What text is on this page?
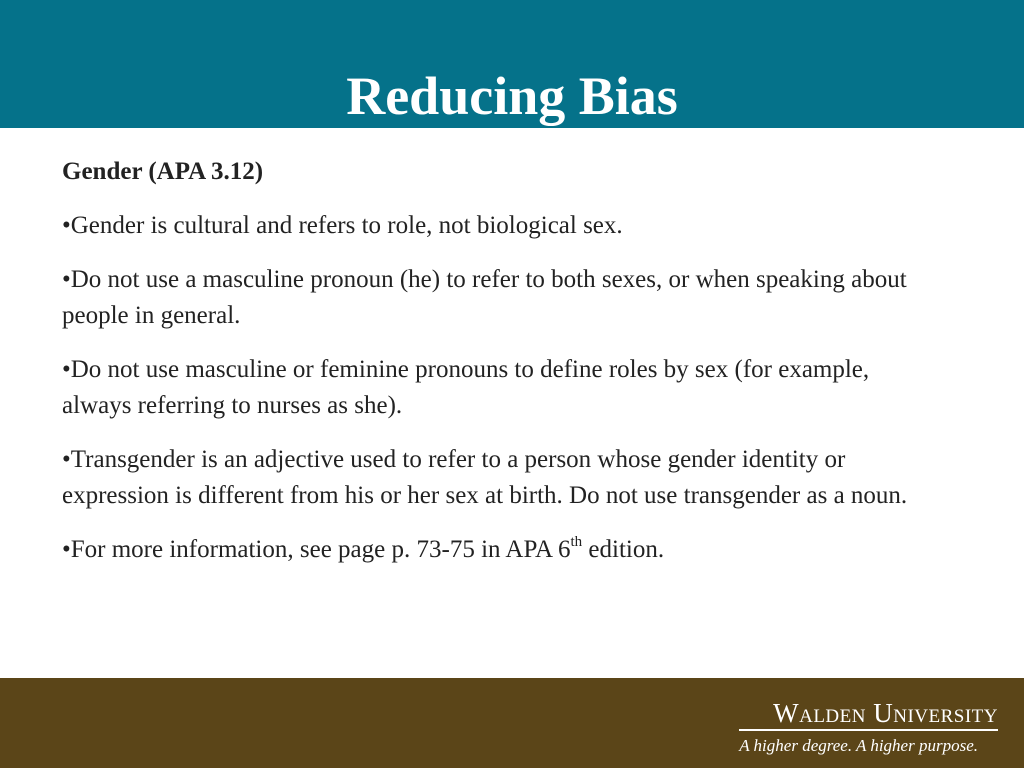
Reducing Bias

Gender (APA 3.12)

•Gender is cultural and refers to role, not biological sex.

•Do not use a masculine pronoun (he) to refer to both sexes, or when speaking about people in general.

•Do not use masculine or feminine pronouns to define roles by sex (for example, always referring to nurses as she).

•Transgender is an adjective used to refer to a person whose gender identity or expression is different from his or her sex at birth. Do not use transgender as a noun.

•For more information, see page p. 73-75 in APA 6th edition.

Walden University
A higher degree. A higher purpose.
